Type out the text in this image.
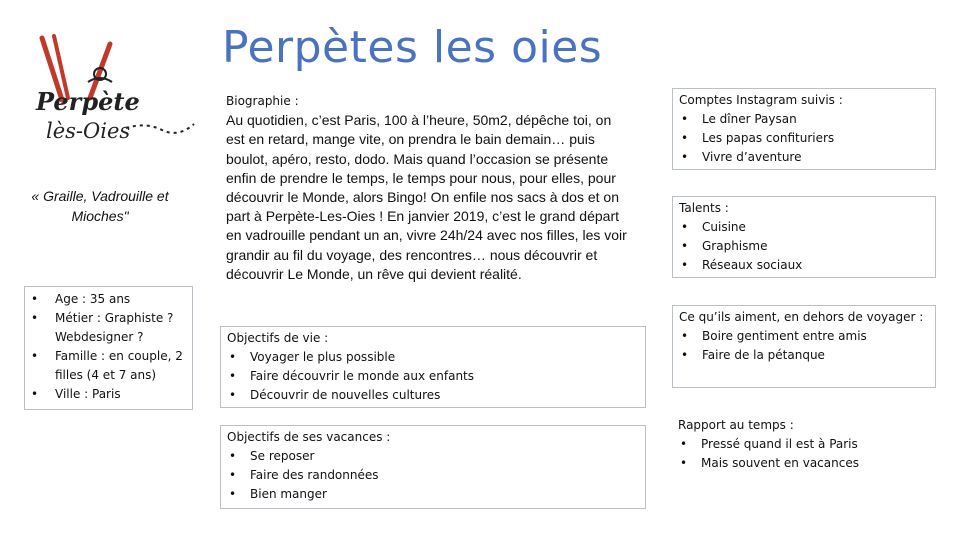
Perpètes les oies
Perpète
lès-Oies
« Graille, Vadrouille et Mioches"
• Age : 35 ans
• Métier : Graphiste ? Webdesigner ?
• Famille : en couple, 2 filles (4 et 7 ans)
• Ville : Paris
Biographie :
Au quotidien, c’est Paris, 100 à l’heure, 50m2, dépêche toi, on est en retard, mange vite, on prendra le bain demain… puis boulot, apéro, resto, dodo. Mais quand l’occasion se présente enfin de prendre le temps, le temps pour nous, pour elles, pour découvrir le Monde, alors Bingo! On enfile nos sacs à dos et on part à Perpète-Les-Oies ! En janvier 2019, c’est le grand départ en vadrouille pendant un an, vivre 24h/24 avec nos filles, les voir grandir au fil du voyage, des rencontres… nous découvrir et découvrir Le Monde, un rêve qui devient réalité.
Objectifs de vie :
• Voyager le plus possible
• Faire découvrir le monde aux enfants
• Découvrir de nouvelles cultures
Objectifs de ses vacances :
• Se reposer
• Faire des randonnées
• Bien manger
Comptes Instagram suivis :
• Le dîner Paysan
• Les papas confituriers
• Vivre d’aventure
Talents :
• Cuisine
• Graphisme
• Réseaux sociaux
Ce qu’ils aiment, en dehors de voyager :
• Boire gentiment entre amis
• Faire de la pétanque
Rapport au temps :
• Pressé quand il est à Paris
• Mais souvent en vacances
